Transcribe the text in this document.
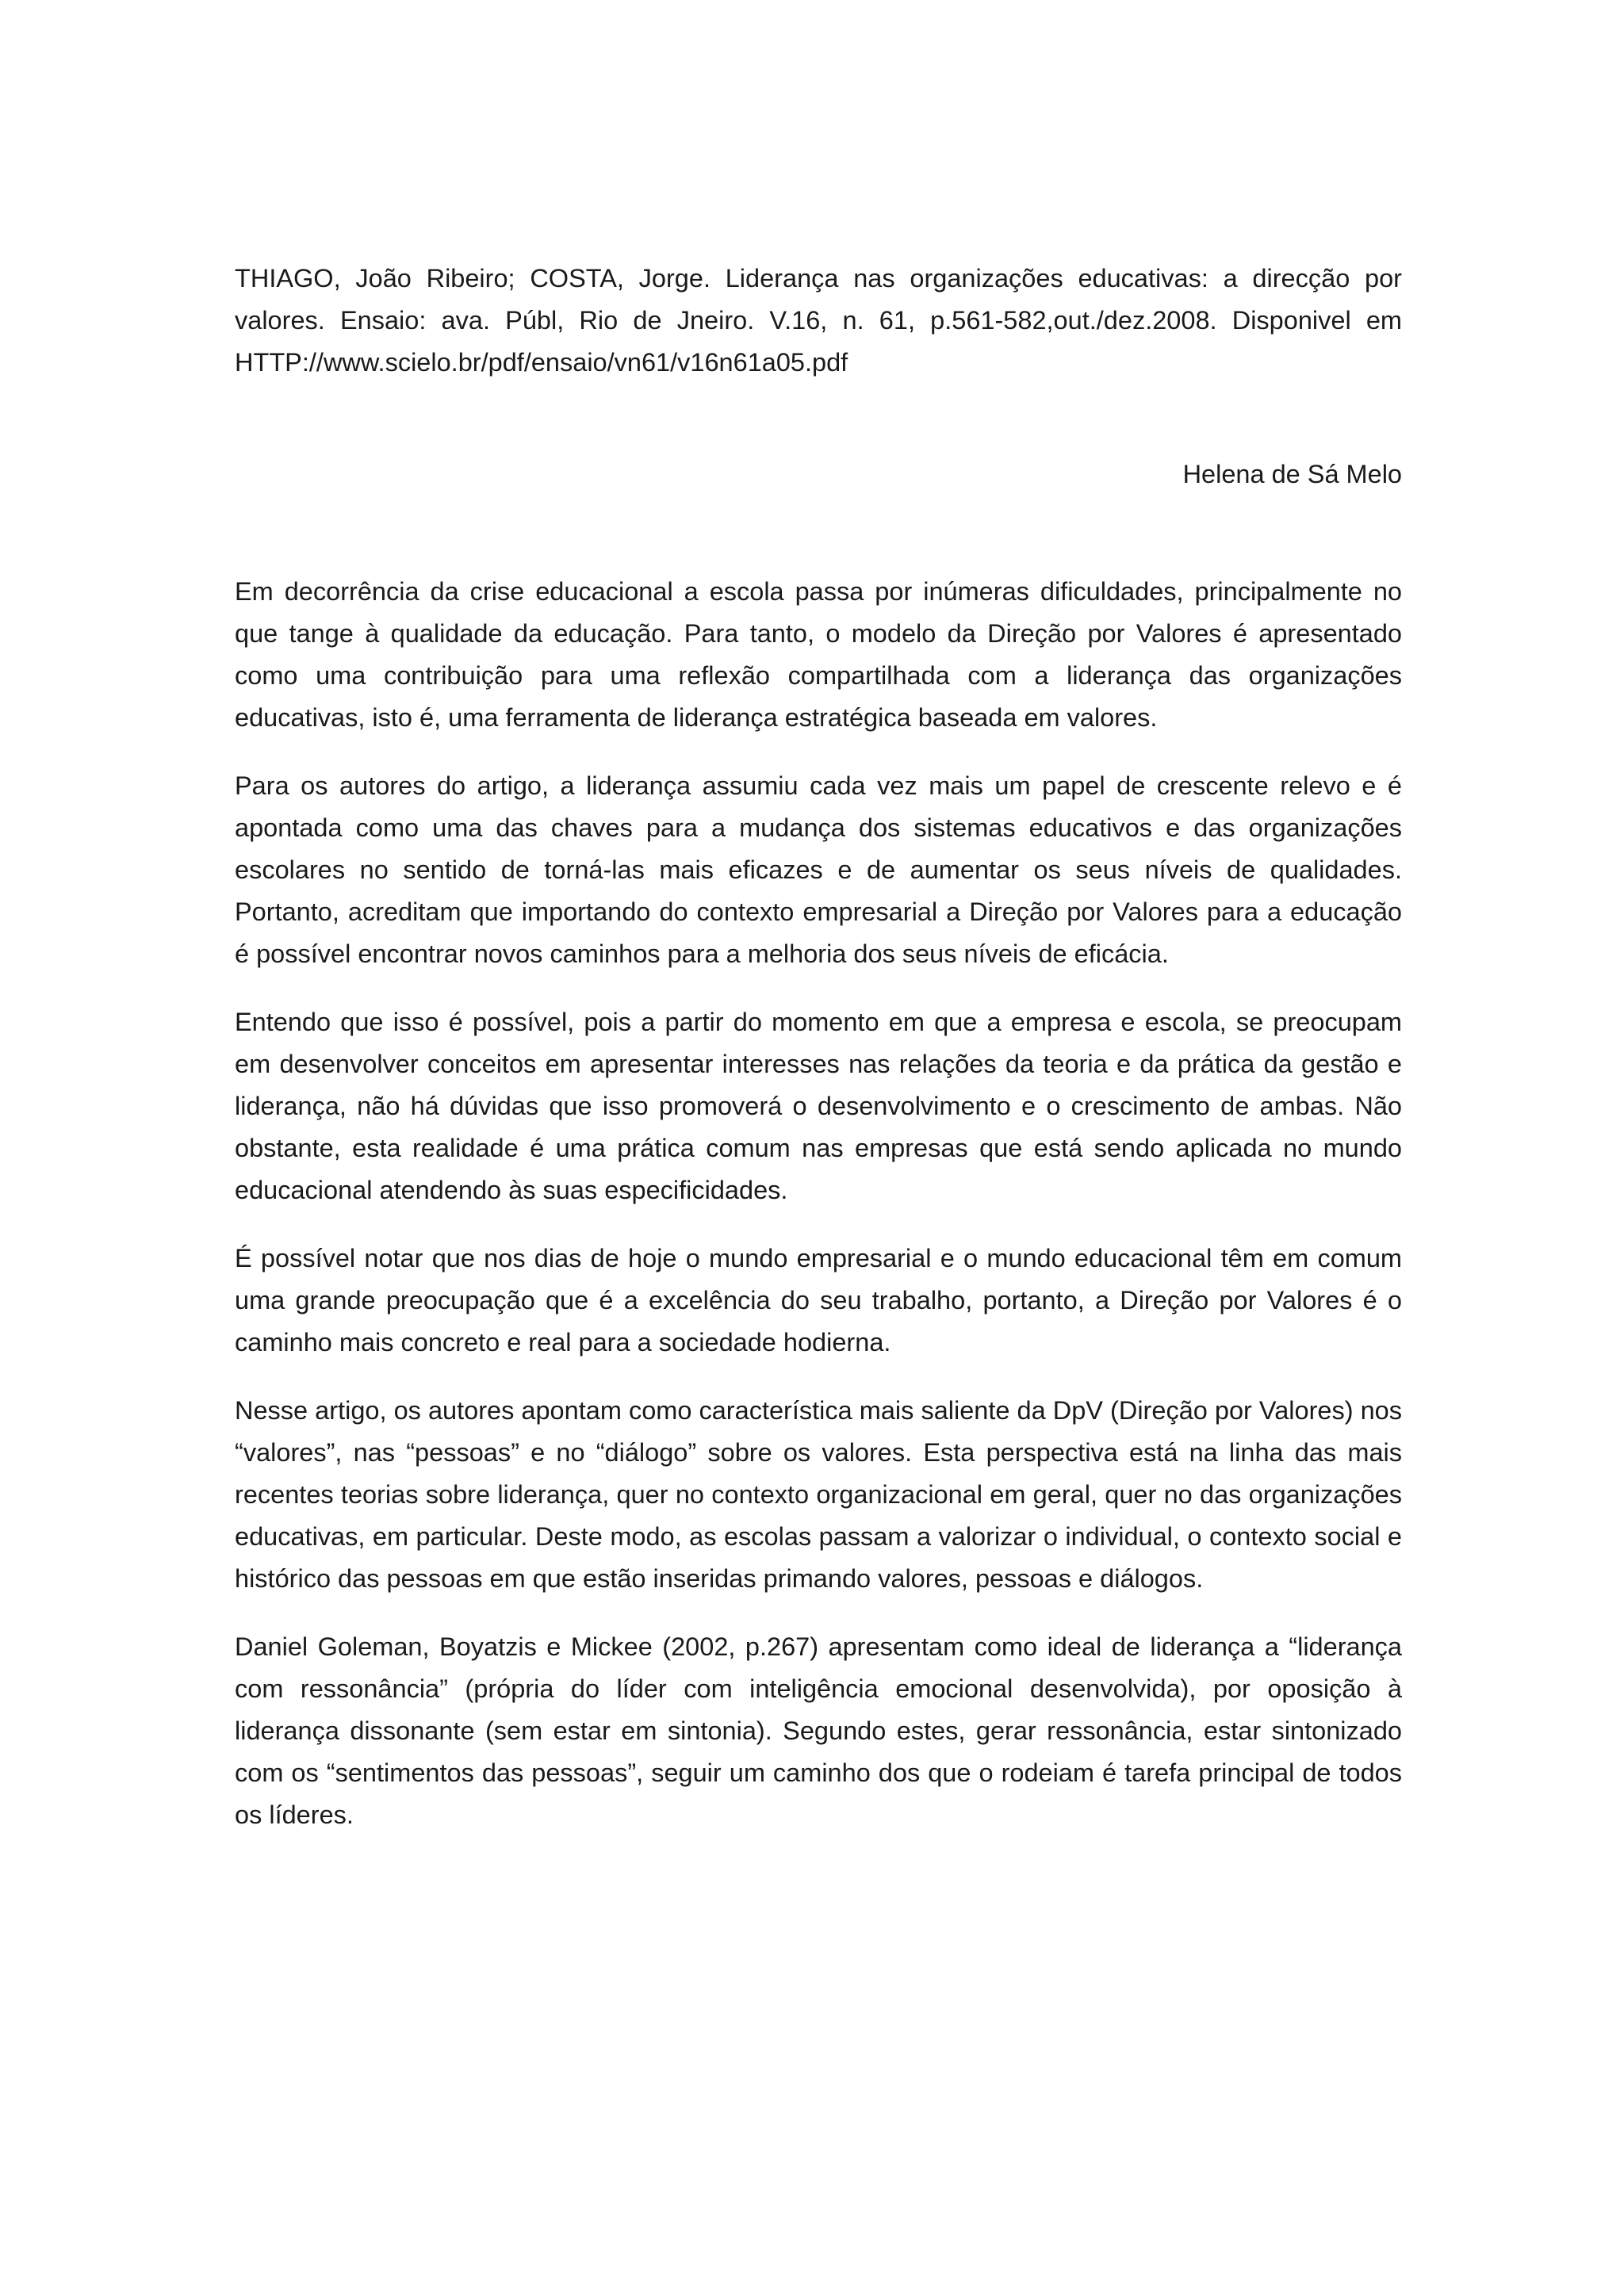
THIAGO, João Ribeiro; COSTA, Jorge. Liderança nas organizações educativas: a direcção por valores. Ensaio: ava. Públ, Rio de Jneiro. V.16, n. 61, p.561-582,out./dez.2008. Disponivel em HTTP://www.scielo.br/pdf/ensaio/vn61/v16n61a05.pdf

Helena de Sá Melo

Em decorrência da crise educacional a escola passa por inúmeras dificuldades, principalmente no que tange à qualidade da educação. Para tanto, o modelo da Direção por Valores é apresentado como uma contribuição para uma reflexão compartilhada com a liderança das organizações educativas, isto é, uma ferramenta de liderança estratégica baseada em valores.

Para os autores do artigo, a liderança assumiu cada vez mais um papel de crescente relevo e é apontada como uma das chaves para a mudança dos sistemas educativos e das organizações escolares no sentido de torná-las mais eficazes e de aumentar os seus níveis de qualidades. Portanto, acreditam que importando do contexto empresarial a Direção por Valores para a educação é possível encontrar novos caminhos para a melhoria dos seus níveis de eficácia.

Entendo que isso é possível, pois a partir do momento em que a empresa e escola, se preocupam em desenvolver conceitos em apresentar interesses nas relações da teoria e da prática da gestão e liderança, não há dúvidas que isso promoverá o desenvolvimento e o crescimento de ambas. Não obstante, esta realidade é uma prática comum nas empresas que está sendo aplicada no mundo educacional atendendo às suas especificidades.

É possível notar que nos dias de hoje o mundo empresarial e o mundo educacional têm em comum uma grande preocupação que é a excelência do seu trabalho, portanto, a Direção por Valores é o caminho mais concreto e real para a sociedade hodierna.

Nesse artigo, os autores apontam como característica mais saliente da DpV (Direção por Valores) nos “valores”, nas “pessoas” e no “diálogo” sobre os valores. Esta perspectiva está na linha das mais recentes teorias sobre liderança, quer no contexto organizacional em geral, quer no das organizações educativas, em particular. Deste modo, as escolas passam a valorizar o individual, o contexto social e histórico das pessoas em que estão inseridas primando valores, pessoas e diálogos.

Daniel Goleman, Boyatzis e Mickee (2002, p.267) apresentam como ideal de liderança a “liderança com ressonância” (própria do líder com inteligência emocional desenvolvida), por oposição à liderança dissonante (sem estar em sintonia). Segundo estes, gerar ressonância, estar sintonizado com os “sentimentos das pessoas”, seguir um caminho dos que o rodeiam é tarefa principal de todos os líderes.
